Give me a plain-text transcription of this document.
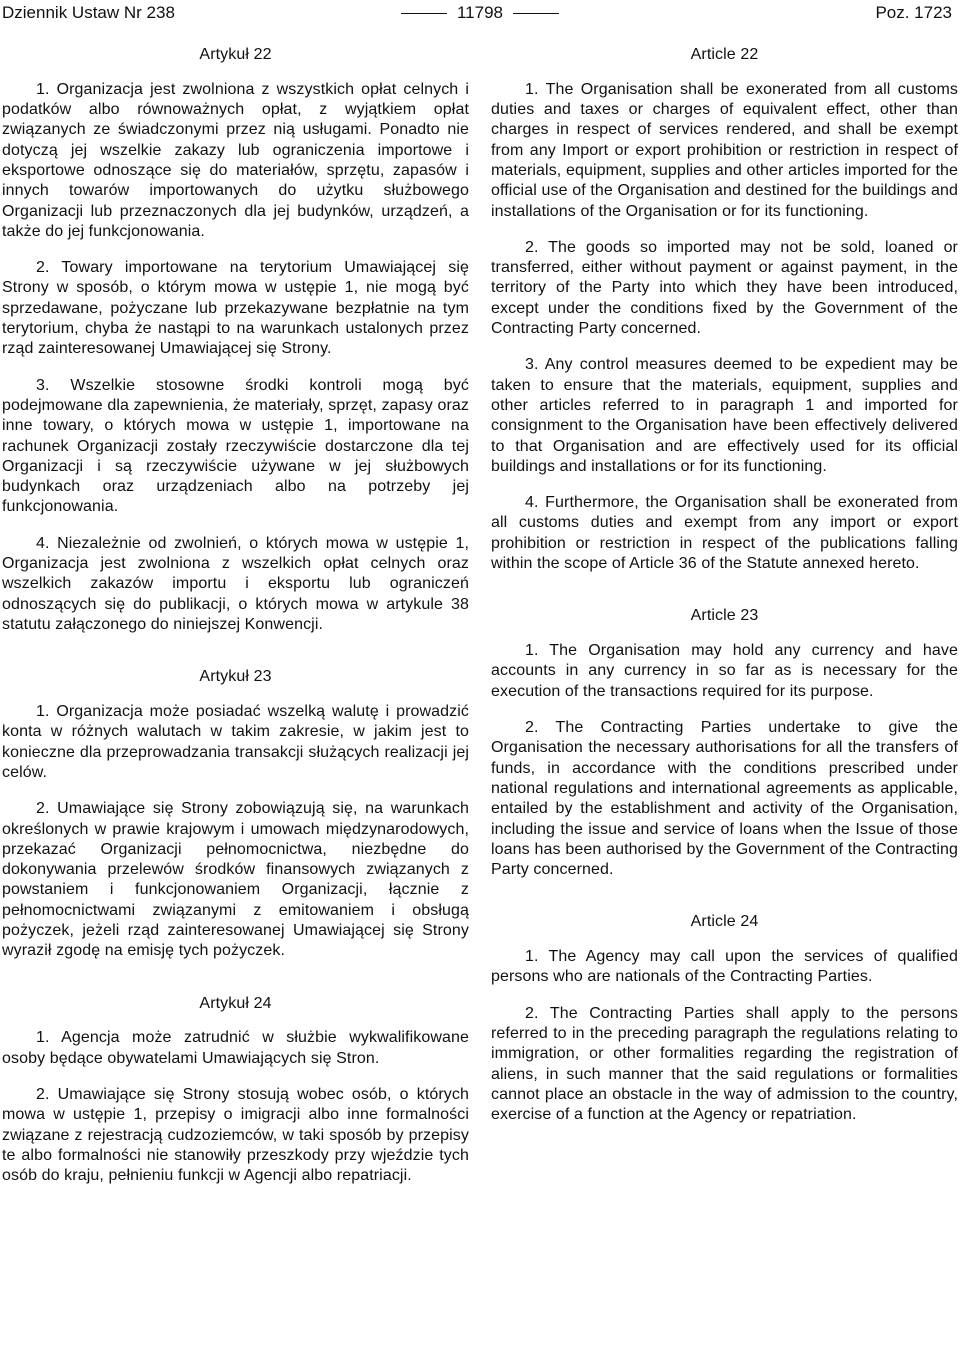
Dziennik Ustaw Nr 238	11798	Poz. 1723
Artykuł 22

1. Organizacja jest zwolniona z wszystkich opłat celnych i podatków albo równoważnych opłat, z wyjątkiem opłat związanych ze świadczonymi przez nią usługami. Ponadto nie dotyczą jej wszelkie zakazy lub ograniczenia importowe i eksportowe odnoszące się do materiałów, sprzętu, zapasów i innych towarów importowanych do użytku służbowego Organizacji lub przeznaczonych dla jej budynków, urządzeń, a także do jej funkcjonowania.

2. Towary importowane na terytorium Umawiającej się Strony w sposób, o którym mowa w ustępie 1, nie mogą być sprzedawane, pożyczane lub przekazywane bezpłatnie na tym terytorium, chyba że nastąpi to na warunkach ustalonych przez rząd zainteresowanej Umawiającej się Strony.

3. Wszelkie stosowne środki kontroli mogą być podejmowane dla zapewnienia, że materiały, sprzęt, zapasy oraz inne towary, o których mowa w ustępie 1, importowane na rachunek Organizacji zostały rzeczywiście dostarczone dla tej Organizacji i są rzeczywiście używane w jej służbowych budynkach oraz urządzeniach albo na potrzeby jej funkcjonowania.

4. Niezależnie od zwolnień, o których mowa w ustępie 1, Organizacja jest zwolniona z wszelkich opłat celnych oraz wszelkich zakazów importu i eksportu lub ograniczeń odnoszących się do publikacji, o których mowa w artykule 38 statutu załączonego do niniejszej Konwencji.

Artykuł 23

1. Organizacja może posiadać wszelką walutę i prowadzić konta w różnych walutach w takim zakresie, w jakim jest to konieczne dla przeprowadzania transakcji służących realizacji jej celów.

2. Umawiające się Strony zobowiązują się, na warunkach określonych w prawie krajowym i umowach międzynarodowych, przekazać Organizacji pełnomocnictwa, niezbędne do dokonywania przelewów środków finansowych związanych z powstaniem i funkcjonowaniem Organizacji, łącznie z pełnomocnictwami związanymi z emitowaniem i obsługą pożyczek, jeżeli rząd zainteresowanej Umawiającej się Strony wyraził zgodę na emisję tych pożyczek.

Artykuł 24

1. Agencja może zatrudnić w służbie wykwalifikowane osoby będące obywatelami Umawiających się Stron.

2. Umawiające się Strony stosują wobec osób, o których mowa w ustępie 1, przepisy o imigracji albo inne formalności związane z rejestracją cudzoziemców, w taki sposób by przepisy te albo formalności nie stanowiły przeszkody przy wjeździe tych osób do kraju, pełnieniu funkcji w Agencji albo repatriacji.

Article 22

1. The Organisation shall be exonerated from all customs duties and taxes or charges of equivalent effect, other than charges in respect of services rendered, and shall be exempt from any Import or export prohibition or restriction in respect of materials, equipment, supplies and other articles imported for the official use of the Organisation and destined for the buildings and installations of the Organisation or for its functioning.

2. The goods so imported may not be sold, loaned or transferred, either without payment or against payment, in the territory of the Party into which they have been introduced, except under the conditions fixed by the Government of the Contracting Party concerned.

3. Any control measures deemed to be expedient may be taken to ensure that the materials, equipment, supplies and other articles referred to in paragraph 1 and imported for consignment to the Organisation have been effectively delivered to that Organisation and are effectively used for its official buildings and installations or for its functioning.

4. Furthermore, the Organisation shall be exonerated from all customs duties and exempt from any import or export prohibition or restriction in respect of the publications falling within the scope of Article 36 of the Statute annexed hereto.

Article 23

1. The Organisation may hold any currency and have accounts in any currency in so far as is necessary for the execution of the transactions required for its purpose.

2. The Contracting Parties undertake to give the Organisation the necessary authorisations for all the transfers of funds, in accordance with the conditions prescribed under national regulations and international agreements as applicable, entailed by the establishment and activity of the Organisation, including the issue and service of loans when the Issue of those loans has been authorised by the Government of the Contracting Party concerned.

Article 24

1. The Agency may call upon the services of qualified persons who are nationals of the Contracting Parties.

2. The Contracting Parties shall apply to the persons referred to in the preceding paragraph the regulations relating to immigration, or other formalities regarding the registration of aliens, in such manner that the said regulations or formalities cannot place an obstacle in the way of admission to the country, exercise of a function at the Agency or repatriation.
